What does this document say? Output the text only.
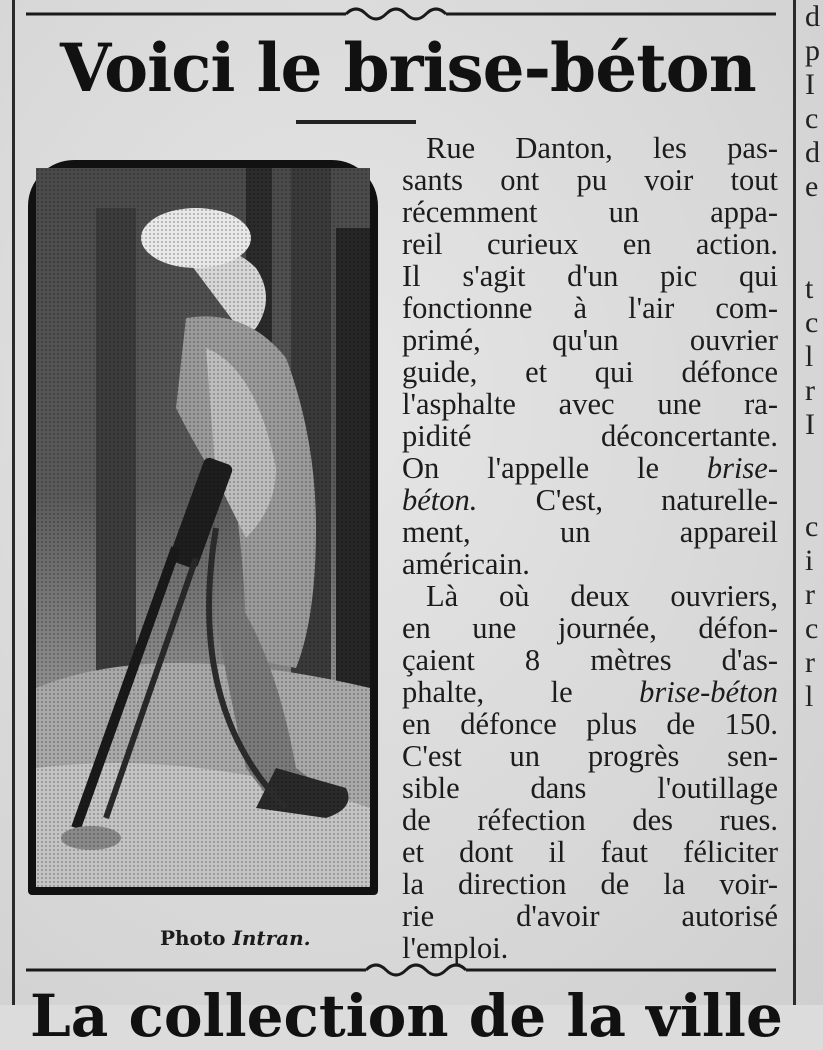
Voici le brise-béton
Photo Intran.
Rue Danton, les pas-
sants ont pu voir tout
récemment un appa-
reil curieux en action.
Il s'agit d'un pic qui
fonctionne à l'air com-
primé, qu'un ouvrier
guide, et qui défonce
l'asphalte avec une ra-
pidité déconcertante.
On l'appelle le brise-
béton. C'est, naturelle-
ment, un appareil
américain.
Là où deux ouvriers,
en une journée, défon-
çaient 8 mètres d'as-
phalte, le brise-béton
en défonce plus de 150.
C'est un progrès sen-
sible dans l'outillage
de réfection des rues.
et dont il faut féliciter
la direction de la voir-
rie d'avoir autorisé
l'emploi.
d
p
I
c
d
e
t
c
l
r
I
c
i
r
c
r
l
La collection de la ville
